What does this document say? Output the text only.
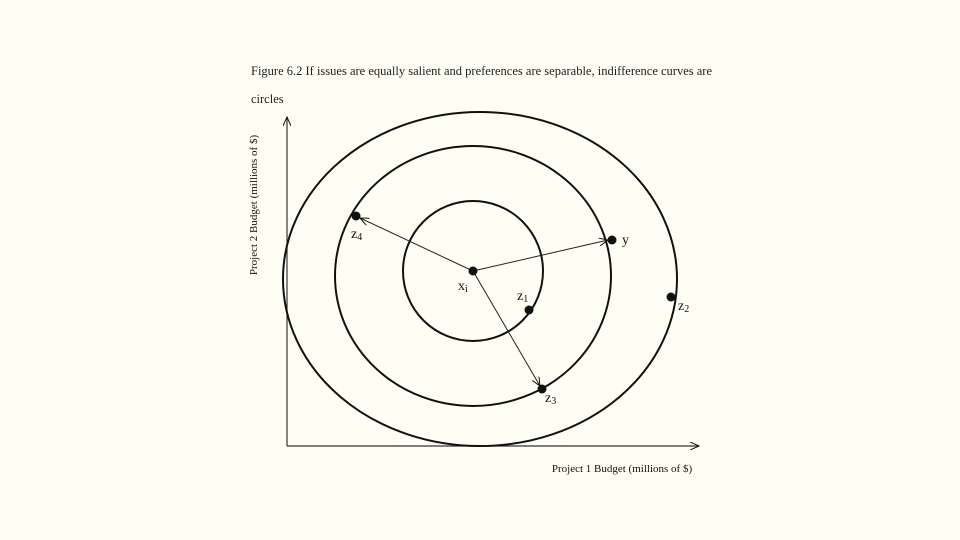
Figure 6.2 If issues are equally salient and preferences are separable, indifference curves are
circles
Project 1 Budget (millions of $)
Project 2 Budget (millions of $)
xi
z4	y
z1	z2
z3
